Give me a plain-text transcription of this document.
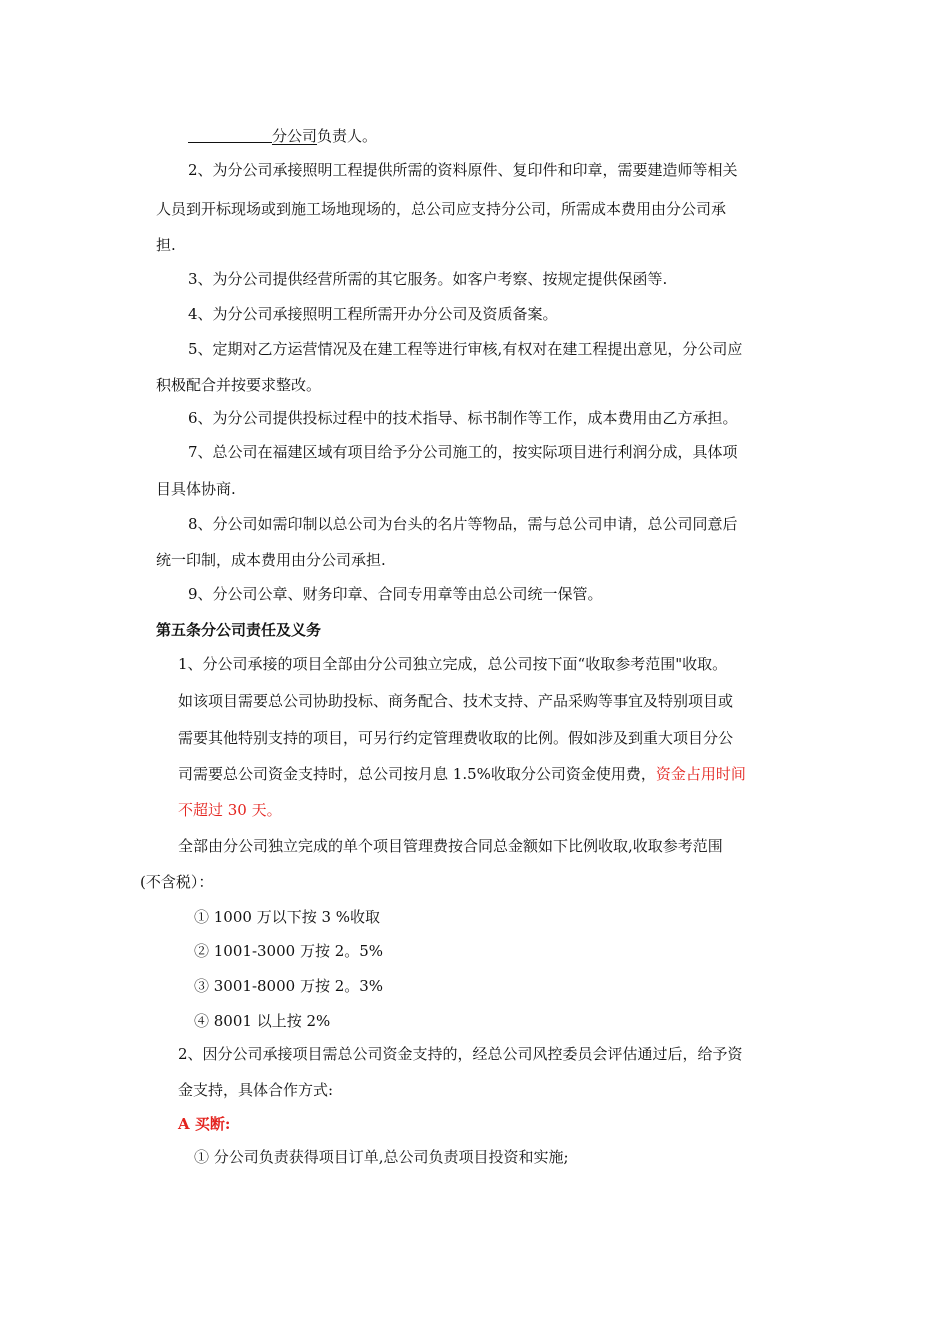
分公司负责人。
2、为分公司承接照明工程提供所需的资料原件、复印件和印章，需要建造师等相关
人员到开标现场或到施工场地现场的，总公司应支持分公司，所需成本费用由分公司承
担.
3、为分公司提供经营所需的其它服务。如客户考察、按规定提供保函等.
4、为分公司承接照明工程所需开办分公司及资质备案。
5、定期对乙方运营情况及在建工程等进行审核,有权对在建工程提出意见，分公司应
积极配合并按要求整改。
6、为分公司提供投标过程中的技术指导、标书制作等工作，成本费用由乙方承担。
7、总公司在福建区域有项目给予分公司施工的，按实际项目进行利润分成，具体项
目具体协商.
8、分公司如需印制以总公司为台头的名片等物品，需与总公司申请，总公司同意后
统一印制，成本费用由分公司承担.
9、分公司公章、财务印章、合同专用章等由总公司统一保管。
第五条分公司责任及义务
1、分公司承接的项目全部由分公司独立完成，总公司按下面“收取参考范围"收取。
如该项目需要总公司协助投标、商务配合、技术支持、产品采购等事宜及特别项目或
需要其他特别支持的项目，可另行约定管理费收取的比例。假如涉及到重大项目分公
司需要总公司资金支持时，总公司按月息 1.5%收取分公司资金使用费，资金占用时间
不超过 30 天。
全部由分公司独立完成的单个项目管理费按合同总金额如下比例收取,收取参考范围
(不含税）：
① 1000 万以下按 3 %收取
② 1001-3000 万按 2。5%
③ 3001-8000 万按 2。3%
④ 8001 以上按 2%
2、因分公司承接项目需总公司资金支持的，经总公司风控委员会评估通过后，给予资
金支持，具体合作方式:
A 买断:
① 分公司负责获得项目订单,总公司负责项目投资和实施;
